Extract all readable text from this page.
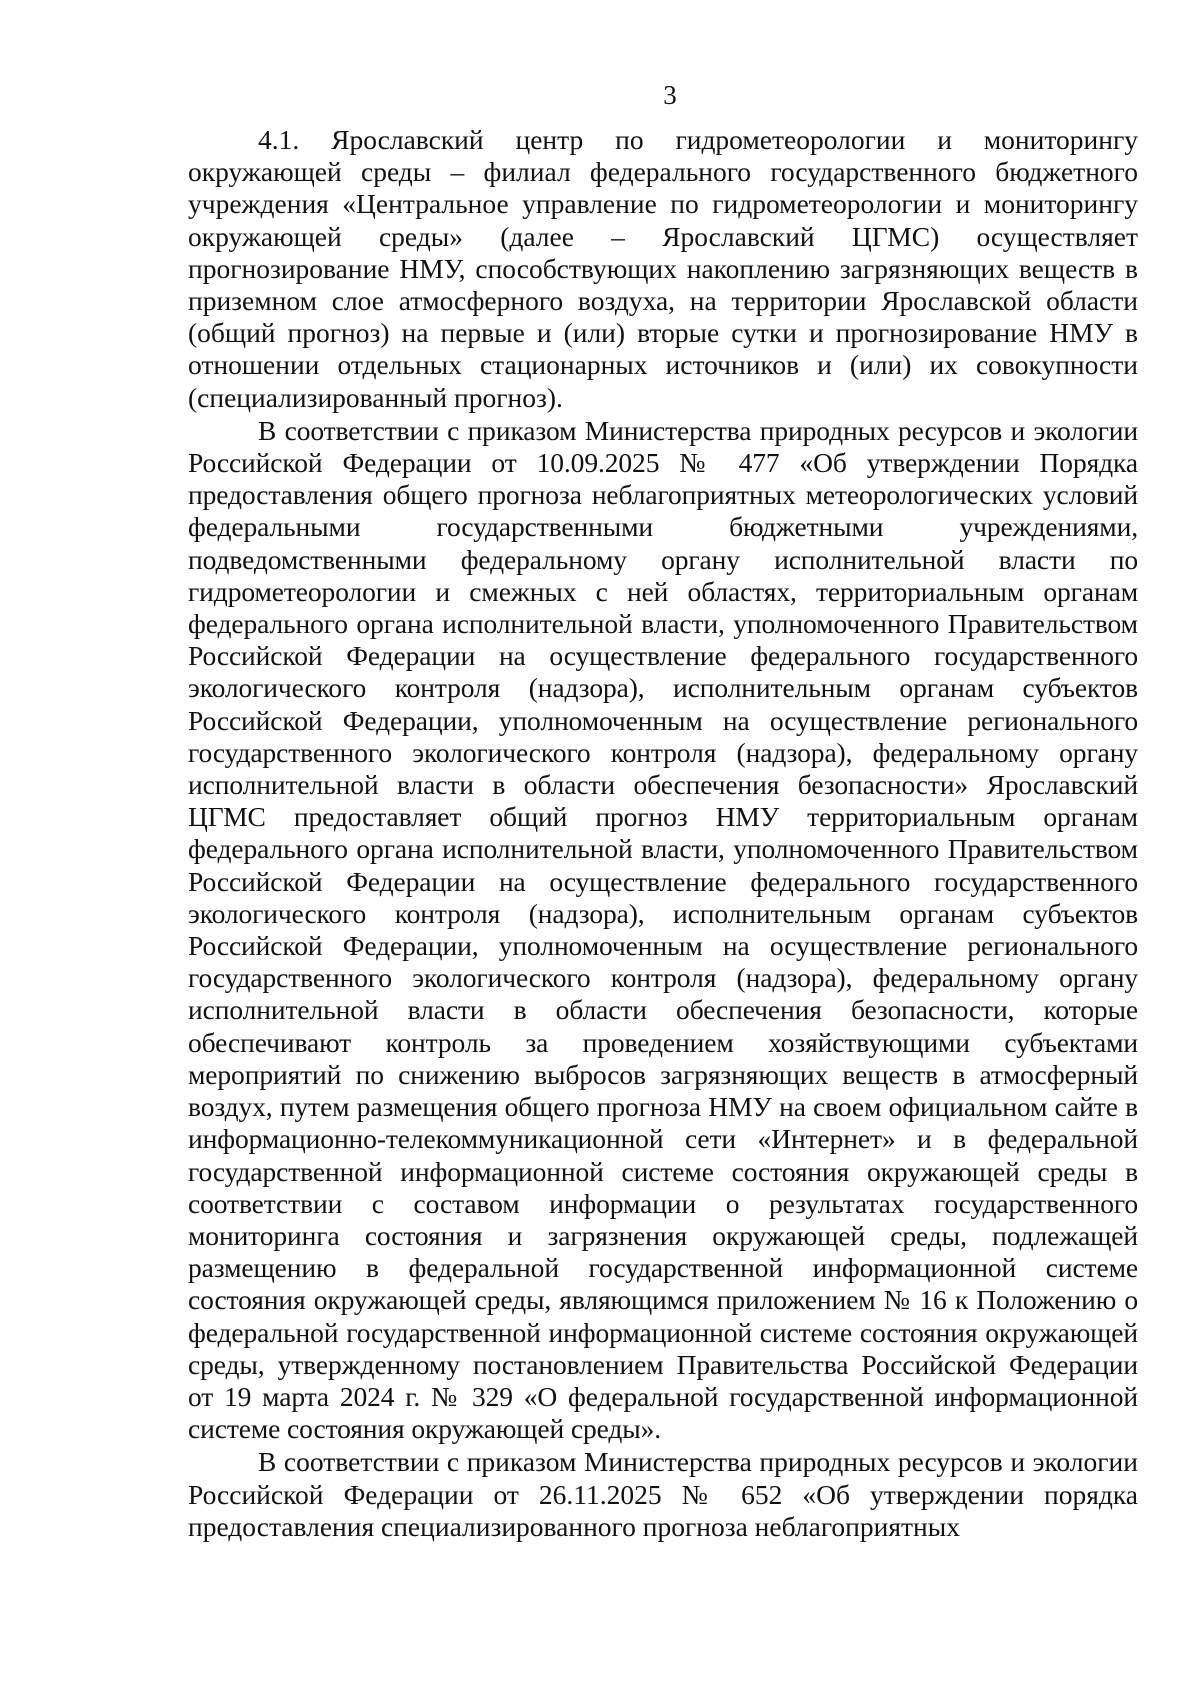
3

4.1. Ярославский центр по гидрометеорологии и мониторингу окружающей среды – филиал федерального государственного бюджетного учреждения «Центральное управление по гидрометеорологии и мониторингу окружающей среды» (далее – Ярославский ЦГМС) осуществляет прогнозирование НМУ, способствующих накоплению загрязняющих веществ в приземном слое атмосферного воздуха, на территории Ярославской области (общий прогноз) на первые и (или) вторые сутки и прогнозирование НМУ в отношении отдельных стационарных источников и (или) их совокупности (специализированный прогноз).

В соответствии с приказом Министерства природных ресурсов и экологии Российской Федерации от 10.09.2025 № 477 «Об утверждении Порядка предоставления общего прогноза неблагоприятных метеорологических условий федеральными государственными бюджетными учреждениями, подведомственными федеральному органу исполнительной власти по гидрометеорологии и смежных с ней областях, территориальным органам федерального органа исполнительной власти, уполномоченного Правительством Российской Федерации на осуществление федерального государственного экологического контроля (надзора), исполнительным органам субъектов Российской Федерации, уполномоченным на осуществление регионального государственного экологического контроля (надзора), федеральному органу исполнительной власти в области обеспечения безопасности» Ярославский ЦГМС предоставляет общий прогноз НМУ территориальным органам федерального органа исполнительной власти, уполномоченного Правительством Российской Федерации на осуществление федерального государственного экологического контроля (надзора), исполнительным органам субъектов Российской Федерации, уполномоченным на осуществление регионального государственного экологического контроля (надзора), федеральному органу исполнительной власти в области обеспечения безопасности, которые обеспечивают контроль за проведением хозяйствующими субъектами мероприятий по снижению выбросов загрязняющих веществ в атмосферный воздух, путем размещения общего прогноза НМУ на своем официальном сайте в информационно-телекоммуникационной сети «Интернет» и в федеральной государственной информационной системе состояния окружающей среды в соответствии с составом информации о результатах государственного мониторинга состояния и загрязнения окружающей среды, подлежащей размещению в федеральной государственной информационной системе состояния окружающей среды, являющимся приложением № 16 к Положению о федеральной государственной информационной системе состояния окружающей среды, утвержденному постановлением Правительства Российской Федерации от 19 марта 2024 г. № 329 «О федеральной государственной информационной системе состояния окружающей среды».

В соответствии с приказом Министерства природных ресурсов и экологии Российской Федерации от 26.11.2025 № 652 «Об утверждении порядка предоставления специализированного прогноза неблагоприятных
